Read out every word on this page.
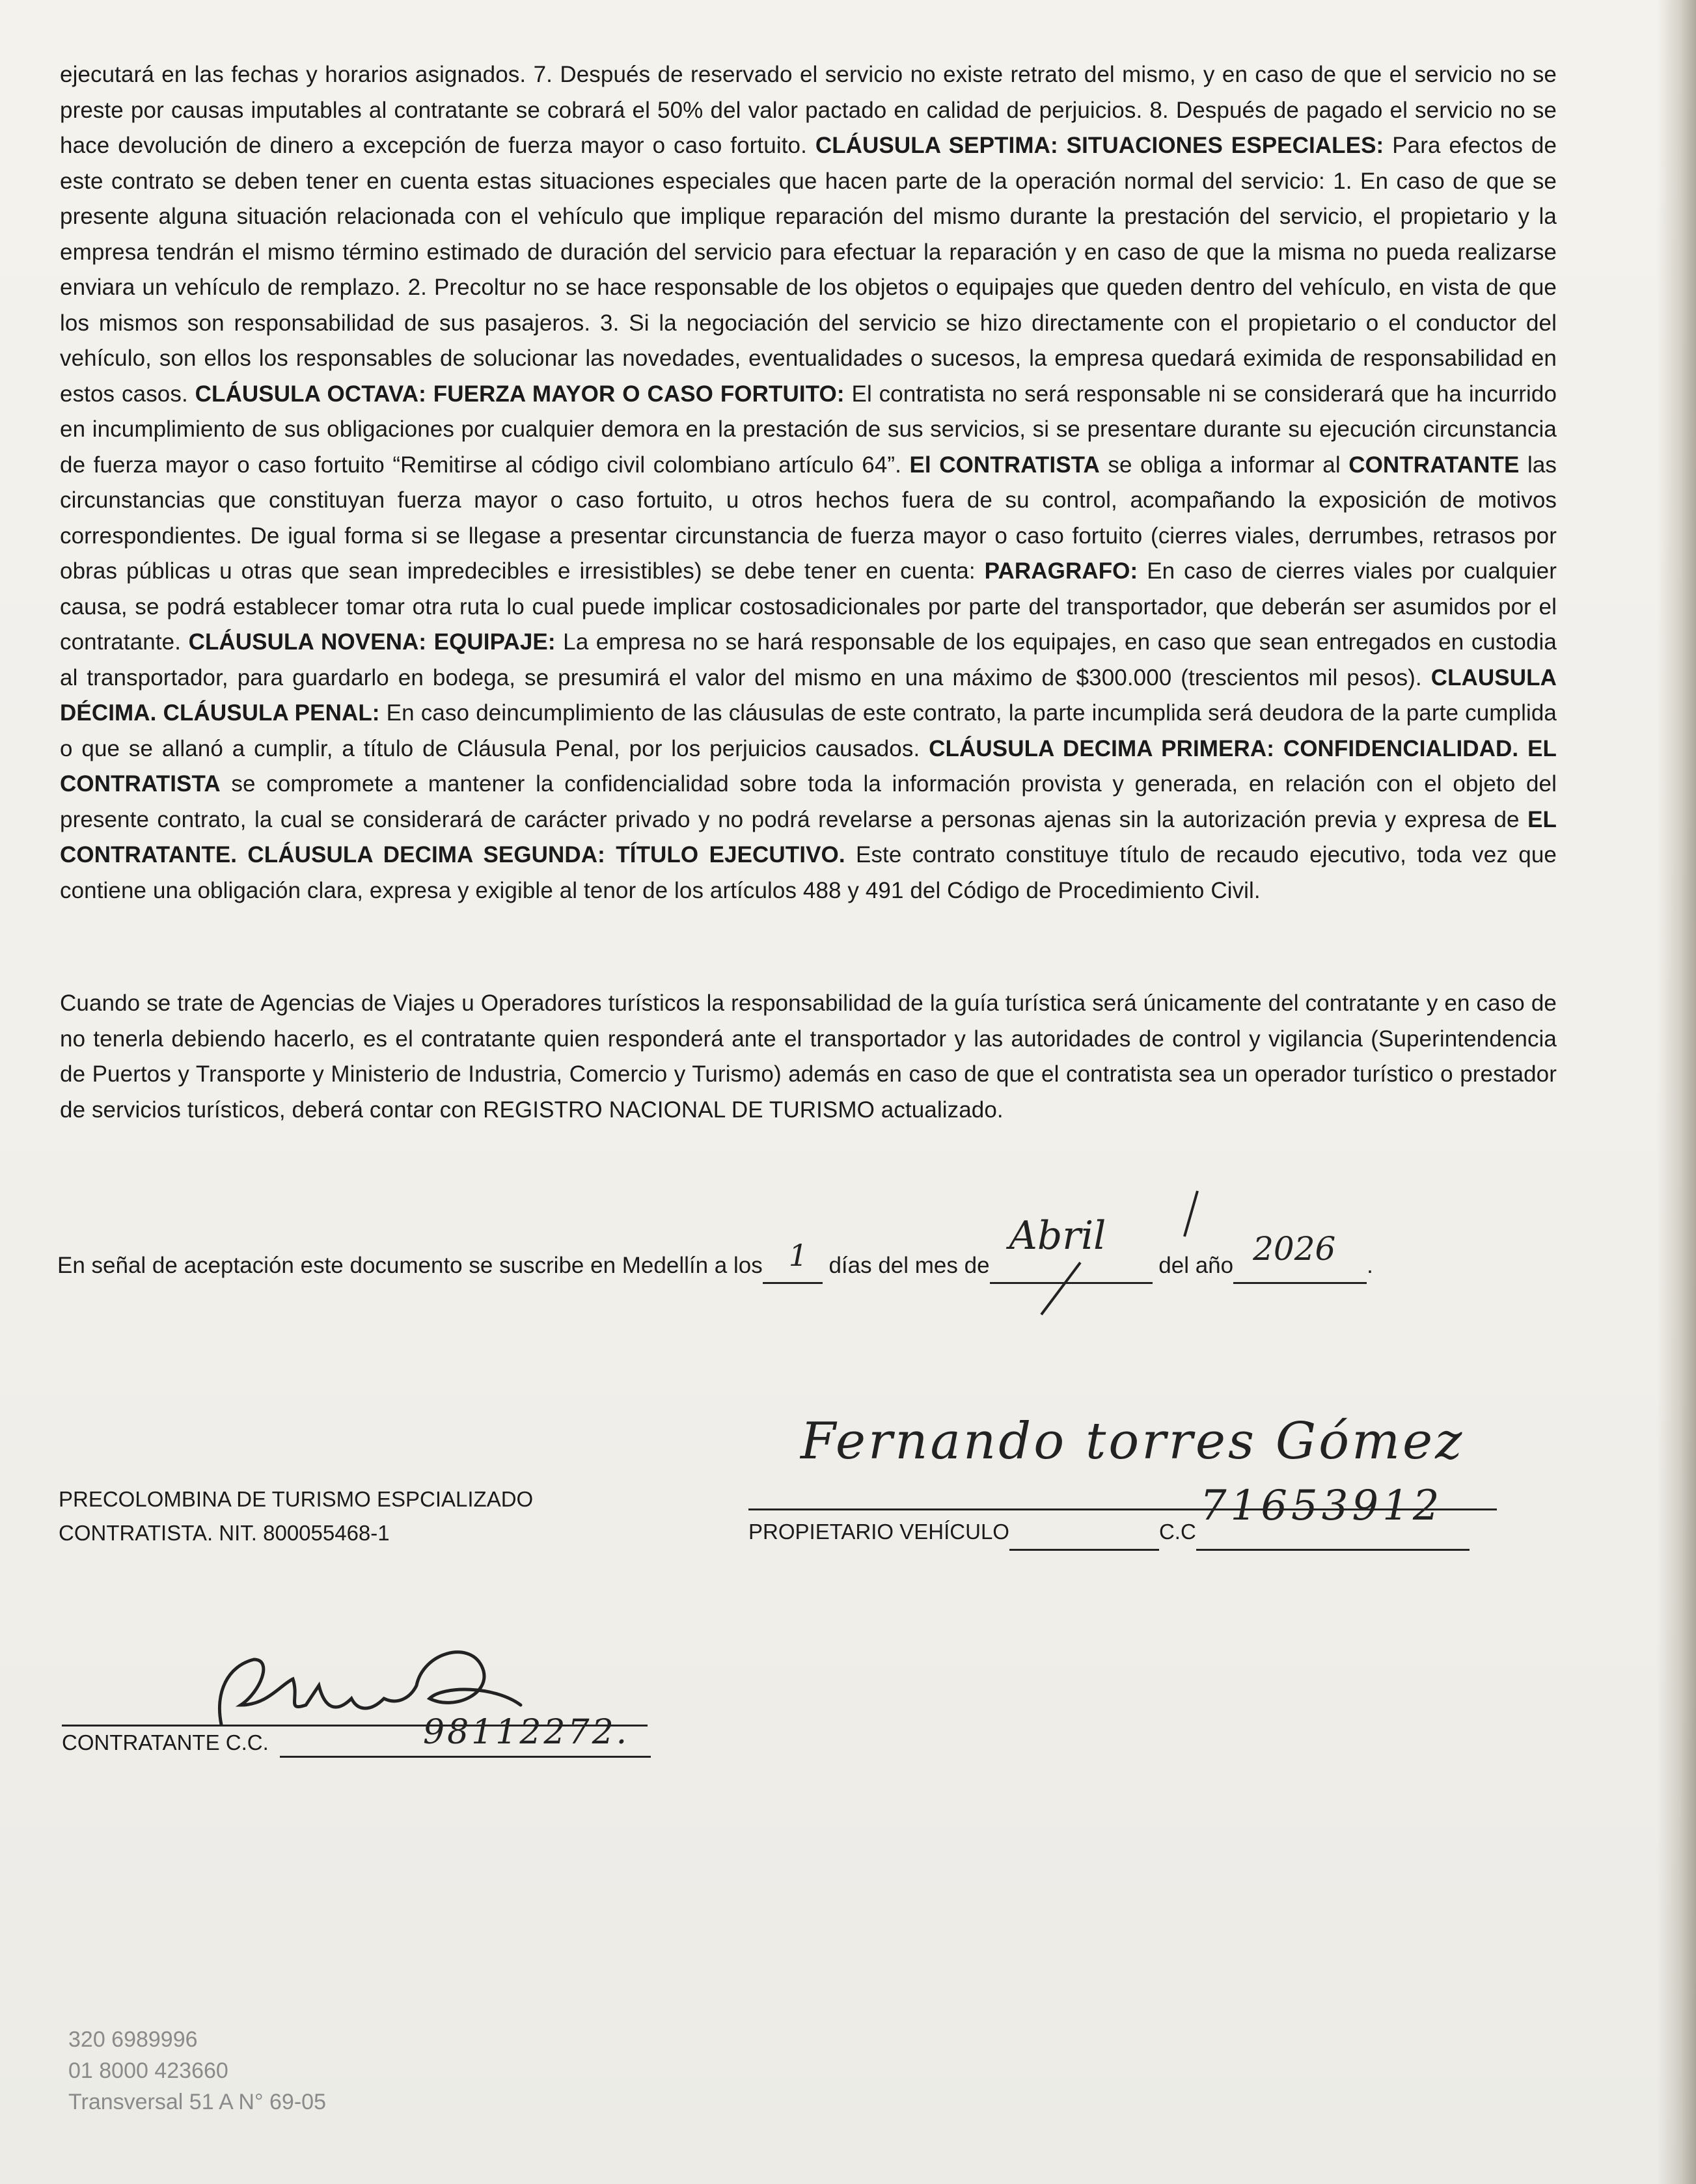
ejecutará en las fechas y horarios asignados. 7. Después de reservado el servicio no existe retrato del mismo, y en caso de que el servicio no se preste por causas imputables al contratante se cobrará el 50% del valor pactado en calidad de perjuicios. 8. Después de pagado el servicio no se hace devolución de dinero a excepción de fuerza mayor o caso fortuito. CLÁUSULA SEPTIMA: SITUACIONES ESPECIALES: Para efectos de este contrato se deben tener en cuenta estas situaciones especiales que hacen parte de la operación normal del servicio: 1. En caso de que se presente alguna situación relacionada con el vehículo que implique reparación del mismo durante la prestación del servicio, el propietario y la empresa tendrán el mismo término estimado de duración del servicio para efectuar la reparación y en caso de que la misma no pueda realizarse enviara un vehículo de remplazo. 2. Precoltur no se hace responsable de los objetos o equipajes que queden dentro del vehículo, en vista de que los mismos son responsabilidad de sus pasajeros. 3. Si la negociación del servicio se hizo directamente con el propietario o el conductor del vehículo, son ellos los responsables de solucionar las novedades, eventualidades o sucesos, la empresa quedará eximida de responsabilidad en estos casos. CLÁUSULA OCTAVA: FUERZA MAYOR O CASO FORTUITO: El contratista no será responsable ni se considerará que ha incurrido en incumplimiento de sus obligaciones por cualquier demora en la prestación de sus servicios, si se presentare durante su ejecución circunstancia de fuerza mayor o caso fortuito “Remitirse al código civil colombiano artículo 64”. El CONTRATISTA se obliga a informar al CONTRATANTE las circunstancias que constituyan fuerza mayor o caso fortuito, u otros hechos fuera de su control, acompañando la exposición de motivos correspondientes. De igual forma si se llegase a presentar circunstancia de fuerza mayor o caso fortuito (cierres viales, derrumbes, retrasos por obras públicas u otras que sean impredecibles e irresistibles) se debe tener en cuenta: PARAGRAFO: En caso de cierres viales por cualquier causa, se podrá establecer tomar otra ruta lo cual puede implicar costosadicionales por parte del transportador, que deberán ser asumidos por el contratante. CLÁUSULA NOVENA: EQUIPAJE: La empresa no se hará responsable de los equipajes, en caso que sean entregados en custodia al transportador, para guardarlo en bodega, se presumirá el valor del mismo en una máximo de $300.000 (trescientos mil pesos). CLAUSULA DÉCIMA. CLÁUSULA PENAL: En caso deincumplimiento de las cláusulas de este contrato, la parte incumplida será deudora de la parte cumplida o que se allanó a cumplir, a título de Cláusula Penal, por los perjuicios causados. CLÁUSULA DECIMA PRIMERA: CONFIDENCIALIDAD. EL CONTRATISTA se compromete a mantener la confidencialidad sobre toda la información provista y generada, en relación con el objeto del presente contrato, la cual se considerará de carácter privado y no podrá revelarse a personas ajenas sin la autorización previa y expresa de EL CONTRATANTE. CLÁUSULA DECIMA SEGUNDA: TÍTULO EJECUTIVO. Este contrato constituye título de recaudo ejecutivo, toda vez que contiene una obligación clara, expresa y exigible al tenor de los artículos 488 y 491 del Código de Procedimiento Civil.

Cuando se trate de Agencias de Viajes u Operadores turísticos la responsabilidad de la guía turística será únicamente del contratante y en caso de no tenerla debiendo hacerlo, es el contratante quien responderá ante el transportador y las autoridades de control y vigilancia (Superintendencia de Puertos y Transporte y Ministerio de Industria, Comercio y Turismo) además en caso de que el contratista sea un operador turístico o prestador de servicios turísticos, deberá contar con REGISTRO NACIONAL DE TURISMO actualizado.

En señal de aceptación este documento se suscribe en Medellín a los 1 días del mes de
Abril
del año 2026 .
PRECOLOMBINA DE TURISMO ESPCIALIZADO
CONTRATISTA. NIT. 800055468-1
Fernando torres Gómez
PROPIETARIO VEHÍCULO	C.C
71653912
CONTRATANTE C.C.	98112272.
320 6989996
01 8000 423660
Transversal 51 A N° 69-05
